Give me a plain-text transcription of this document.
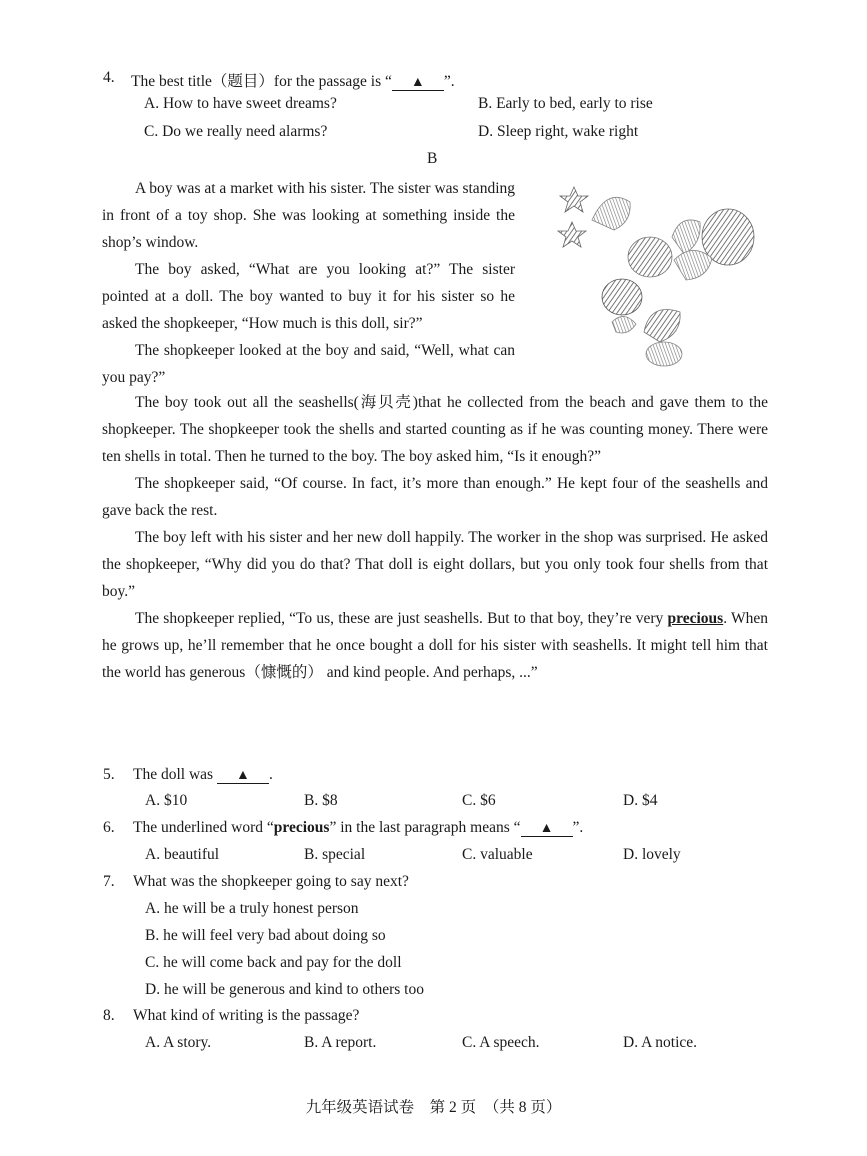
4. The best title（题目）for the passage is “ ▲ ”.
A. How to have sweet dreams?	B. Early to bed, early to rise
C. Do we really need alarms?	D. Sleep right, wake right
B

A boy was at a market with his sister. The sister was standing in front of a toy shop. She was looking at something inside the shop’s window.

The boy asked, “What are you looking at?” The sister pointed at a doll. The boy wanted to buy it for his sister so he asked the shopkeeper, “How much is this doll, sir?”

The shopkeeper looked at the boy and said, “Well, what can you pay?”

The boy took out all the seashells(海贝壳)that he collected from the beach and gave them to the shopkeeper. The shopkeeper took the shells and started counting as if he was counting money. There were ten shells in total. Then he turned to the boy. The boy asked him, “Is it enough?”

The shopkeeper said, “Of course. In fact, it’s more than enough.” He kept four of the seashells and gave back the rest.

The boy left with his sister and her new doll happily. The worker in the shop was surprised. He asked the shopkeeper, “Why did you do that? That doll is eight dollars, but you only took four shells from that boy.”

The shopkeeper replied, “To us, these are just seashells. But to that boy, they’re very precious. When he grows up, he’ll remember that he once bought a doll for his sister with seashells. It might tell him that the world has generous（慷慨的） and kind people. And perhaps, ...”

5. The doll was ▲ .
A. $10	B. $8	C. $6	D. $4
6. The underlined word “precious” in the last paragraph means “ ▲ ”.
A. beautiful	B. special	C. valuable	D. lovely
7. What was the shopkeeper going to say next?
A. he will be a truly honest person
B. he will feel very bad about doing so
C. he will come back and pay for the doll
D. he will be generous and kind to others too
8. What kind of writing is the passage?
A. A story.	B. A report.	C. A speech.	D. A notice.
九年级英语试卷　第 2 页　（共 8 页）
